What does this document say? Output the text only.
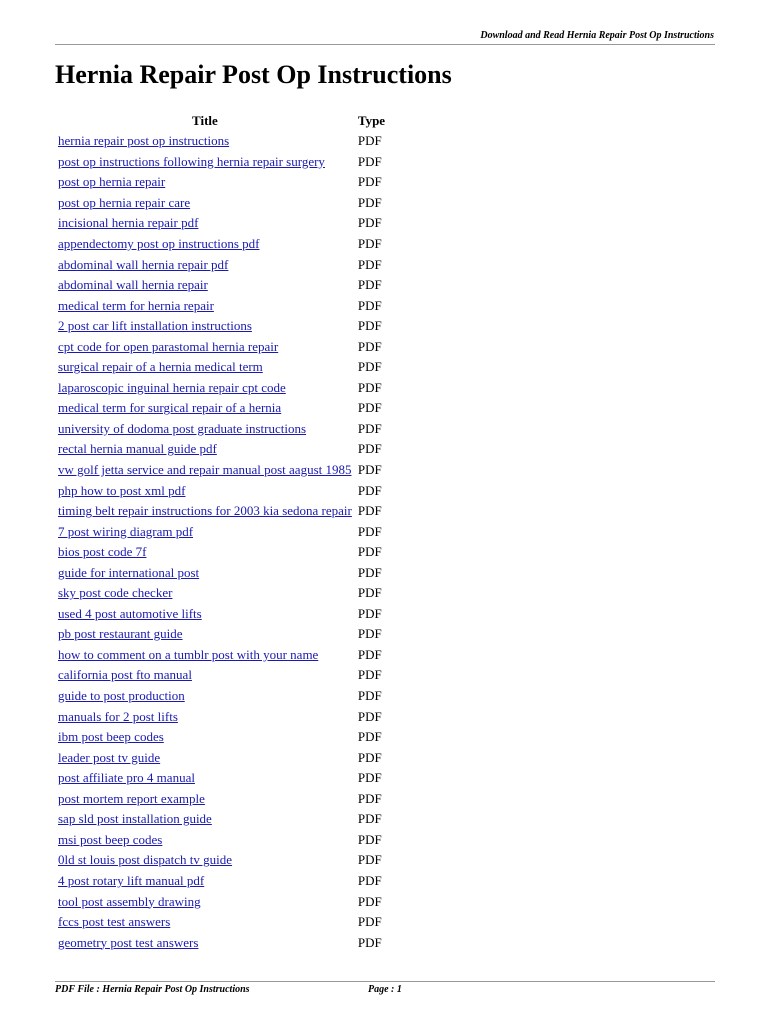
Download and Read Hernia Repair Post Op Instructions
Hernia Repair Post Op Instructions
Title	Type
hernia repair post op instructions	PDF
post op instructions following hernia repair surgery	PDF
post op hernia repair	PDF
post op hernia repair care	PDF
incisional hernia repair pdf	PDF
appendectomy post op instructions pdf	PDF
abdominal wall hernia repair pdf	PDF
abdominal wall hernia repair	PDF
medical term for hernia repair	PDF
2 post car lift installation instructions	PDF
cpt code for open parastomal hernia repair	PDF
surgical repair of a hernia medical term	PDF
laparoscopic inguinal hernia repair cpt code	PDF
medical term for surgical repair of a hernia	PDF
university of dodoma post graduate instructions	PDF
rectal hernia manual guide pdf	PDF
vw golf jetta service and repair manual post aagust 1985	PDF
php how to post xml pdf	PDF
timing belt repair instructions for 2003 kia sedona repair	PDF
7 post wiring diagram pdf	PDF
bios post code 7f	PDF
guide for international post	PDF
sky post code checker	PDF
used 4 post automotive lifts	PDF
pb post restaurant guide	PDF
how to comment on a tumblr post with your name	PDF
california post fto manual	PDF
guide to post production	PDF
manuals for 2 post lifts	PDF
ibm post beep codes	PDF
leader post tv guide	PDF
post affiliate pro 4 manual	PDF
post mortem report example	PDF
sap sld post installation guide	PDF
msi post beep codes	PDF
0ld st louis post dispatch tv guide	PDF
4 post rotary lift manual pdf	PDF
tool post assembly drawing	PDF
fccs post test answers	PDF
geometry post test answers	PDF
PDF File : Hernia Repair Post Op Instructions	Page : 1
